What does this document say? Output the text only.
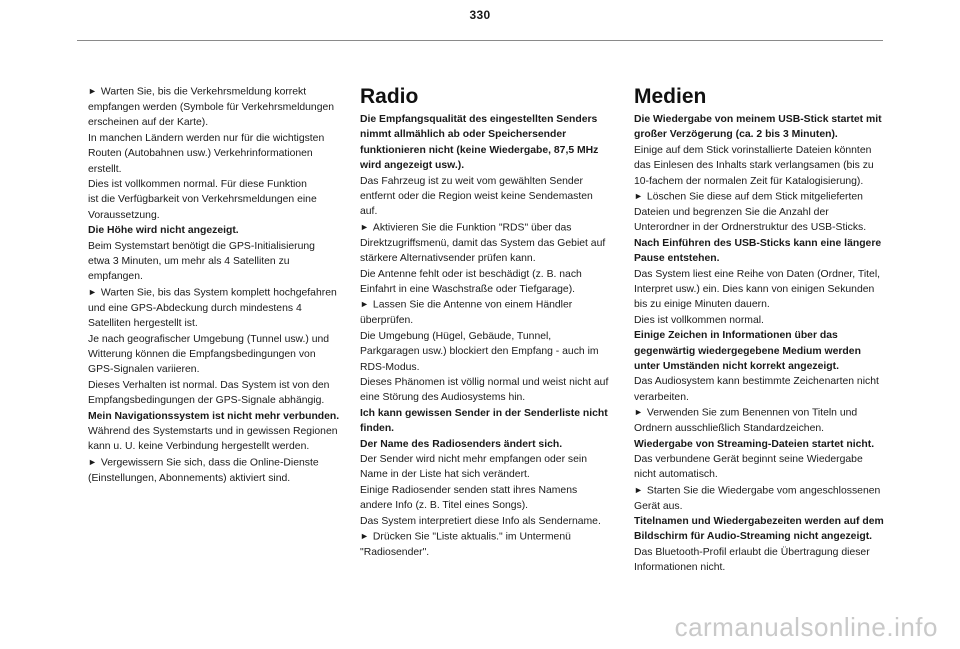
330
► Warten Sie, bis die Verkehrsmeldung korrekt
empfangen werden (Symbole für Verkehrsmeldungen
erscheinen auf der Karte).
In manchen Ländern werden nur für die wichtigsten
Routen (Autobahnen usw.) Verkehrinformationen
erstellt.
Dies ist vollkommen normal. Für diese Funktion
ist die Verfügbarkeit von Verkehrsmeldungen eine
Voraussetzung.
Die Höhe wird nicht angezeigt.
Beim Systemstart benötigt die GPS-Initialisierung
etwa 3 Minuten, um mehr als 4 Satelliten zu
empfangen.
► Warten Sie, bis das System komplett hochgefahren
und eine GPS-Abdeckung durch mindestens 4
Satelliten hergestellt ist.
Je nach geografischer Umgebung (Tunnel usw.) und
Witterung können die Empfangsbedingungen von
GPS-Signalen variieren.
Dieses Verhalten ist normal. Das System ist von den
Empfangsbedingungen der GPS-Signale abhängig.
Mein Navigationssystem ist nicht mehr verbunden.
Während des Systemstarts und in gewissen Regionen
kann u. U. keine Verbindung hergestellt werden.
► Vergewissern Sie sich, dass die Online-Dienste
(Einstellungen, Abonnements) aktiviert sind.
Radio
Die Empfangsqualität des eingestellten Senders
nimmt allmählich ab oder Speichersender
funktionieren nicht (keine Wiedergabe, 87,5 MHz
wird angezeigt usw.).
Das Fahrzeug ist zu weit vom gewählten Sender
entfernt oder die Region weist keine Sendemasten
auf.
► Aktivieren Sie die Funktion "RDS" über das
Direktzugriffsmenü, damit das System das Gebiet auf
stärkere Alternativsender prüfen kann.
Die Antenne fehlt oder ist beschädigt (z. B. nach
Einfahrt in eine Waschstraße oder Tiefgarage).
► Lassen Sie die Antenne von einem Händler
überprüfen.
Die Umgebung (Hügel, Gebäude, Tunnel,
Parkgaragen usw.) blockiert den Empfang - auch im
RDS-Modus.
Dieses Phänomen ist völlig normal und weist nicht auf
eine Störung des Audiosystems hin.
Ich kann gewissen Sender in der Senderliste nicht
finden.
Der Name des Radiosenders ändert sich.
Der Sender wird nicht mehr empfangen oder sein
Name in der Liste hat sich verändert.
Einige Radiosender senden statt ihres Namens
andere Info (z. B. Titel eines Songs).
Das System interpretiert diese Info als Sendername.
► Drücken Sie "Liste aktualis." im Untermenü
"Radiosender".
Medien
Die Wiedergabe von meinem USB-Stick startet mit
großer Verzögerung (ca. 2 bis 3 Minuten).
Einige auf dem Stick vorinstallierte Dateien könnten
das Einlesen des Inhalts stark verlangsamen (bis zu
10-fachem der normalen Zeit für Katalogisierung).
► Löschen Sie diese auf dem Stick mitgelieferten
Dateien und begrenzen Sie die Anzahl der
Unterordner in der Ordnerstruktur des USB-Sticks.
Nach Einführen des USB-Sticks kann eine längere
Pause entstehen.
Das System liest eine Reihe von Daten (Ordner, Titel,
Interpret usw.) ein. Dies kann von einigen Sekunden
bis zu einige Minuten dauern.
Dies ist vollkommen normal.
Einige Zeichen in Informationen über das
gegenwärtig wiedergegebene Medium werden
unter Umständen nicht korrekt angezeigt.
Das Audiosystem kann bestimmte Zeichenarten nicht
verarbeiten.
► Verwenden Sie zum Benennen von Titeln und
Ordnern ausschließlich Standardzeichen.
Wiedergabe von Streaming-Dateien startet nicht.
Das verbundene Gerät beginnt seine Wiedergabe
nicht automatisch.
► Starten Sie die Wiedergabe vom angeschlossenen
Gerät aus.
Titelnamen und Wiedergabezeiten werden auf dem
Bildschirm für Audio-Streaming nicht angezeigt.
Das Bluetooth-Profil erlaubt die Übertragung dieser
Informationen nicht.
carmanualsonline.info
